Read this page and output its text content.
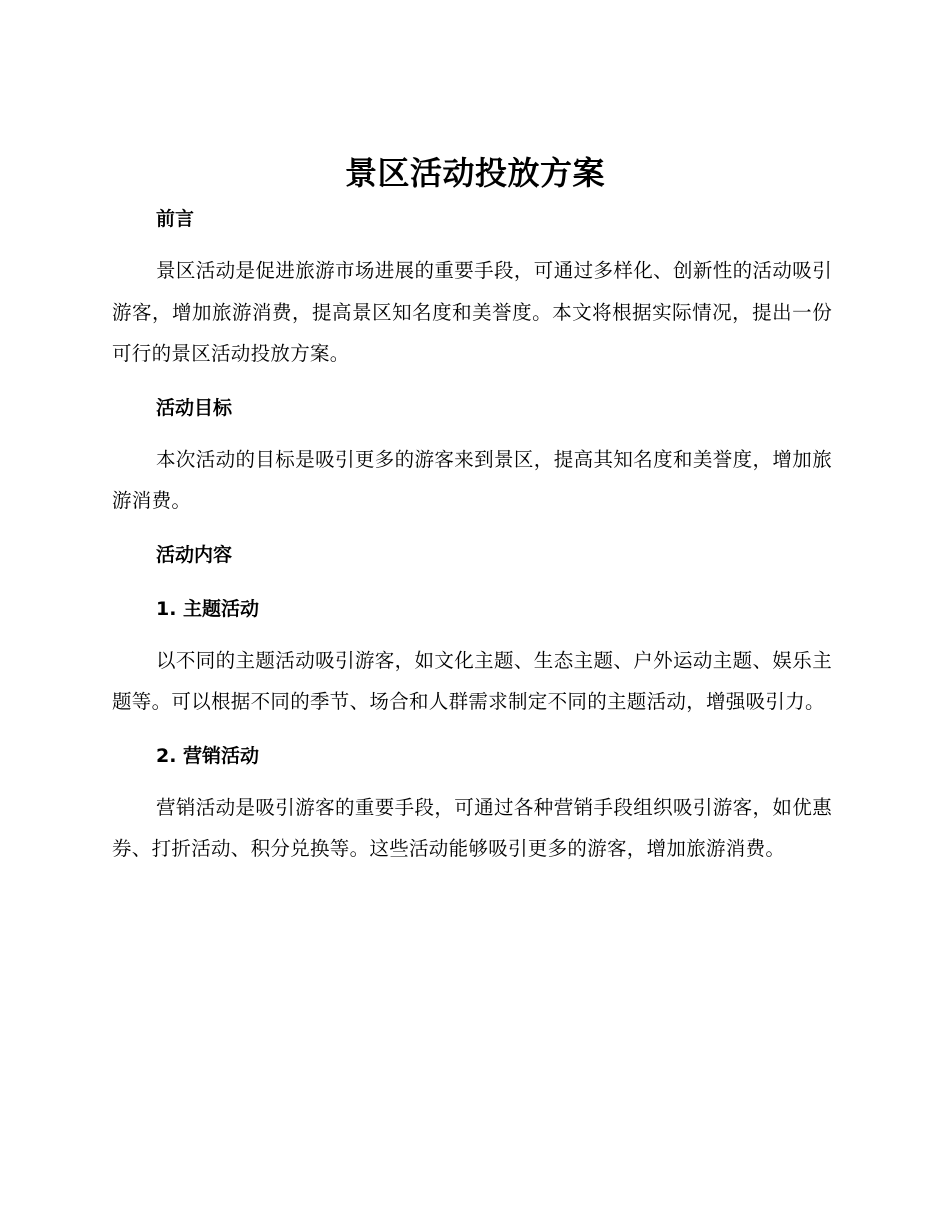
景区活动投放方案
前言

景区活动是促进旅游市场进展的重要手段，可通过多样化、创新性的活动吸引游客，增加旅游消费，提高景区知名度和美誉度。本文将根据实际情况，提出一份可行的景区活动投放方案。

活动目标

本次活动的目标是吸引更多的游客来到景区，提高其知名度和美誉度，增加旅游消费。

活动内容
1. 主题活动

以不同的主题活动吸引游客，如文化主题、生态主题、户外运动主题、娱乐主题等。可以根据不同的季节、场合和人群需求制定不同的主题活动，增强吸引力。

2. 营销活动

营销活动是吸引游客的重要手段，可通过各种营销手段组织吸引游客，如优惠券、打折活动、积分兑换等。这些活动能够吸引更多的游客，增加旅游消费。
